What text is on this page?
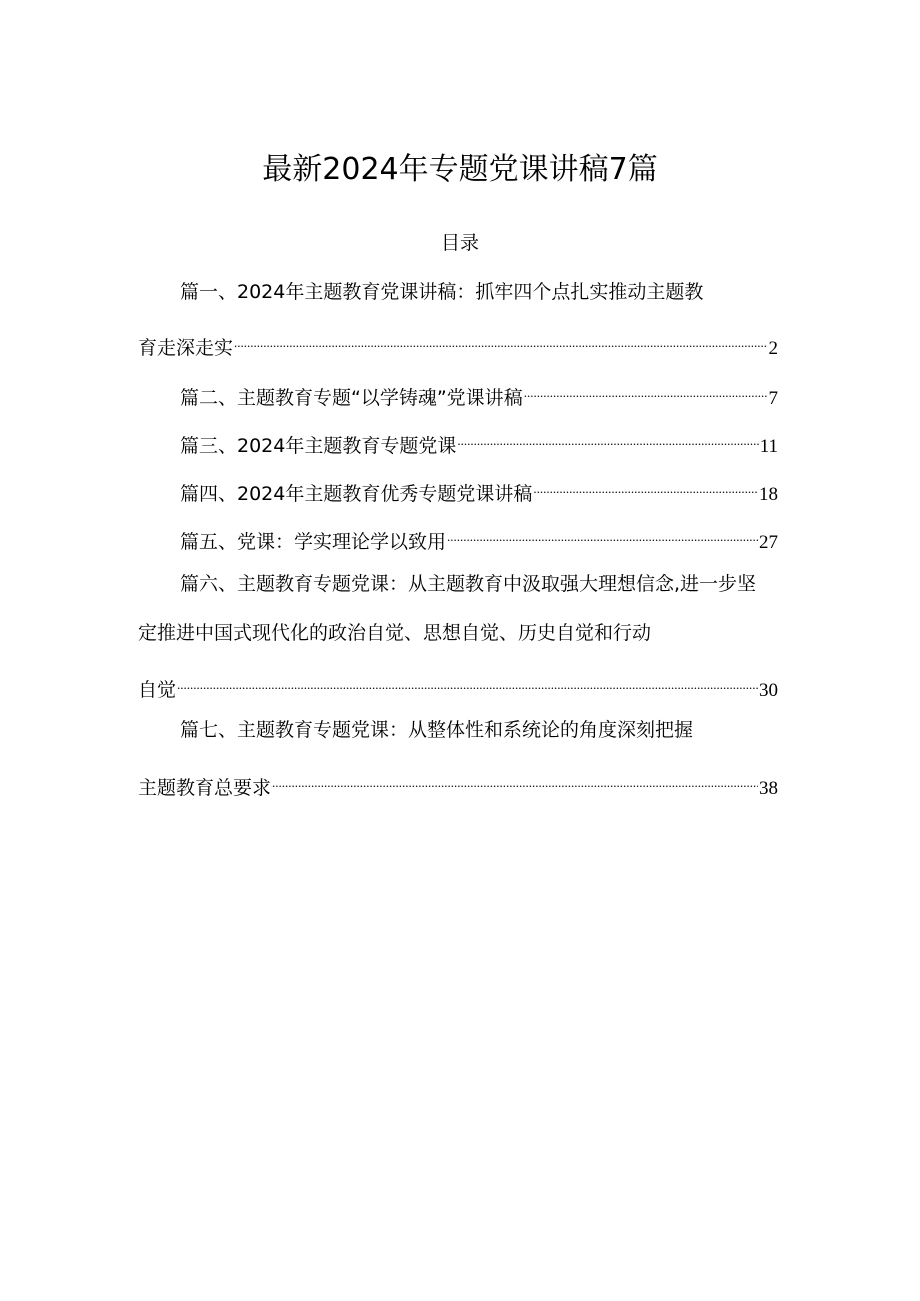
最新2024年专题党课讲稿7篇
目录
篇一、2024年主题教育党课讲稿：抓牢四个点扎实推动主题教
育走深走实 .....	2
篇二、主题教育专题“以学铸魂”党课讲稿 .....	7
篇三、2024年主题教育专题党课 .....	11
篇四、2024年主题教育优秀专题党课讲稿 .....	18
篇五、党课：学实理论学以致用 .....	27
篇六、主题教育专题党课：从主题教育中汲取强大理想信念,进一步坚
定推进中国式现代化的政治自觉、思想自觉、历史自觉和行动
自觉 .....	30
篇七、主题教育专题党课：从整体性和系统论的角度深刻把握
主题教育总要求 .....	38
